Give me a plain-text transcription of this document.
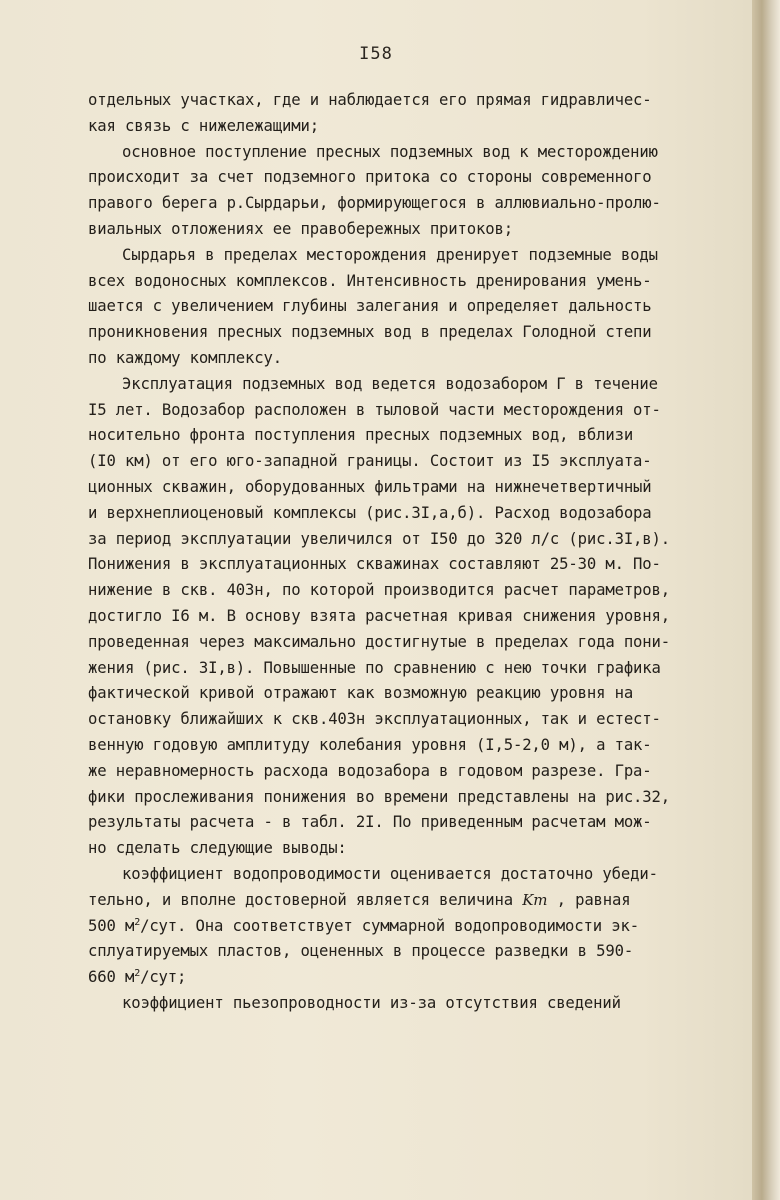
I58
отдельных участках, где и наблюдается его прямая гидравличес-
кая связь с нижележащими;
основное поступление пресных подземных вод к месторождению
происходит за счет подземного притока со стороны современного
правого берега р.Сырдарьи, формирующегося в аллювиально-пролю-
виальных отложениях ее правобережных притоков;
Сырдарья в пределах месторождения дренирует подземные воды
всех водоносных комплексов. Интенсивность дренирования умень-
шается с увеличением глубины залегания и определяет дальность
проникновения пресных подземных вод в пределах Голодной степи
по каждому комплексу.
Эксплуатация подземных вод ведется водозабором Г в течение
I5 лет. Водозабор расположен в тыловой части месторождения от-
носительно фронта поступления пресных подземных вод, вблизи
(I0 км) от его юго-западной границы. Состоит из I5 эксплуата-
ционных скважин, оборудованных фильтрами на нижнечетвертичный
и верхнеплиоценовый комплексы (рис.3I,а,б). Расход водозабора
за период эксплуатации увеличился от I50 до 320 л/с (рис.3I,в).
Понижения в эксплуатационных скважинах составляют 25-30 м. По-
нижение в скв. 403н, по которой производится расчет параметров,
достигло I6 м. В основу взята расчетная кривая снижения уровня,
проведенная через максимально достигнутые в пределах года пони-
жения (рис. 3I,в). Повышенные по сравнению с нею точки графика
фактической кривой отражают как возможную реакцию уровня на
остановку ближайших к скв.403н эксплуатационных, так и естест-
венную годовую амплитуду колебания уровня (I,5-2,0 м), а так-
же неравномерность расхода водозабора в годовом разрезе. Гра-
фики прослеживания понижения во времени представлены на рис.32,
результаты расчета - в табл. 2I. По приведенным расчетам мож-
но сделать следующие выводы:
коэффициент водопроводимости оценивается достаточно убеди-
тельно, и вполне достоверной является величина Km , равная
500 $м^2$/сут. Она соответствует суммарной водопроводимости эк-
сплуатируемых пластов, оцененных в процессе разведки в 590-
660 $м^2$/сут;
коэффициент пьезопроводности из-за отсутствия сведений
